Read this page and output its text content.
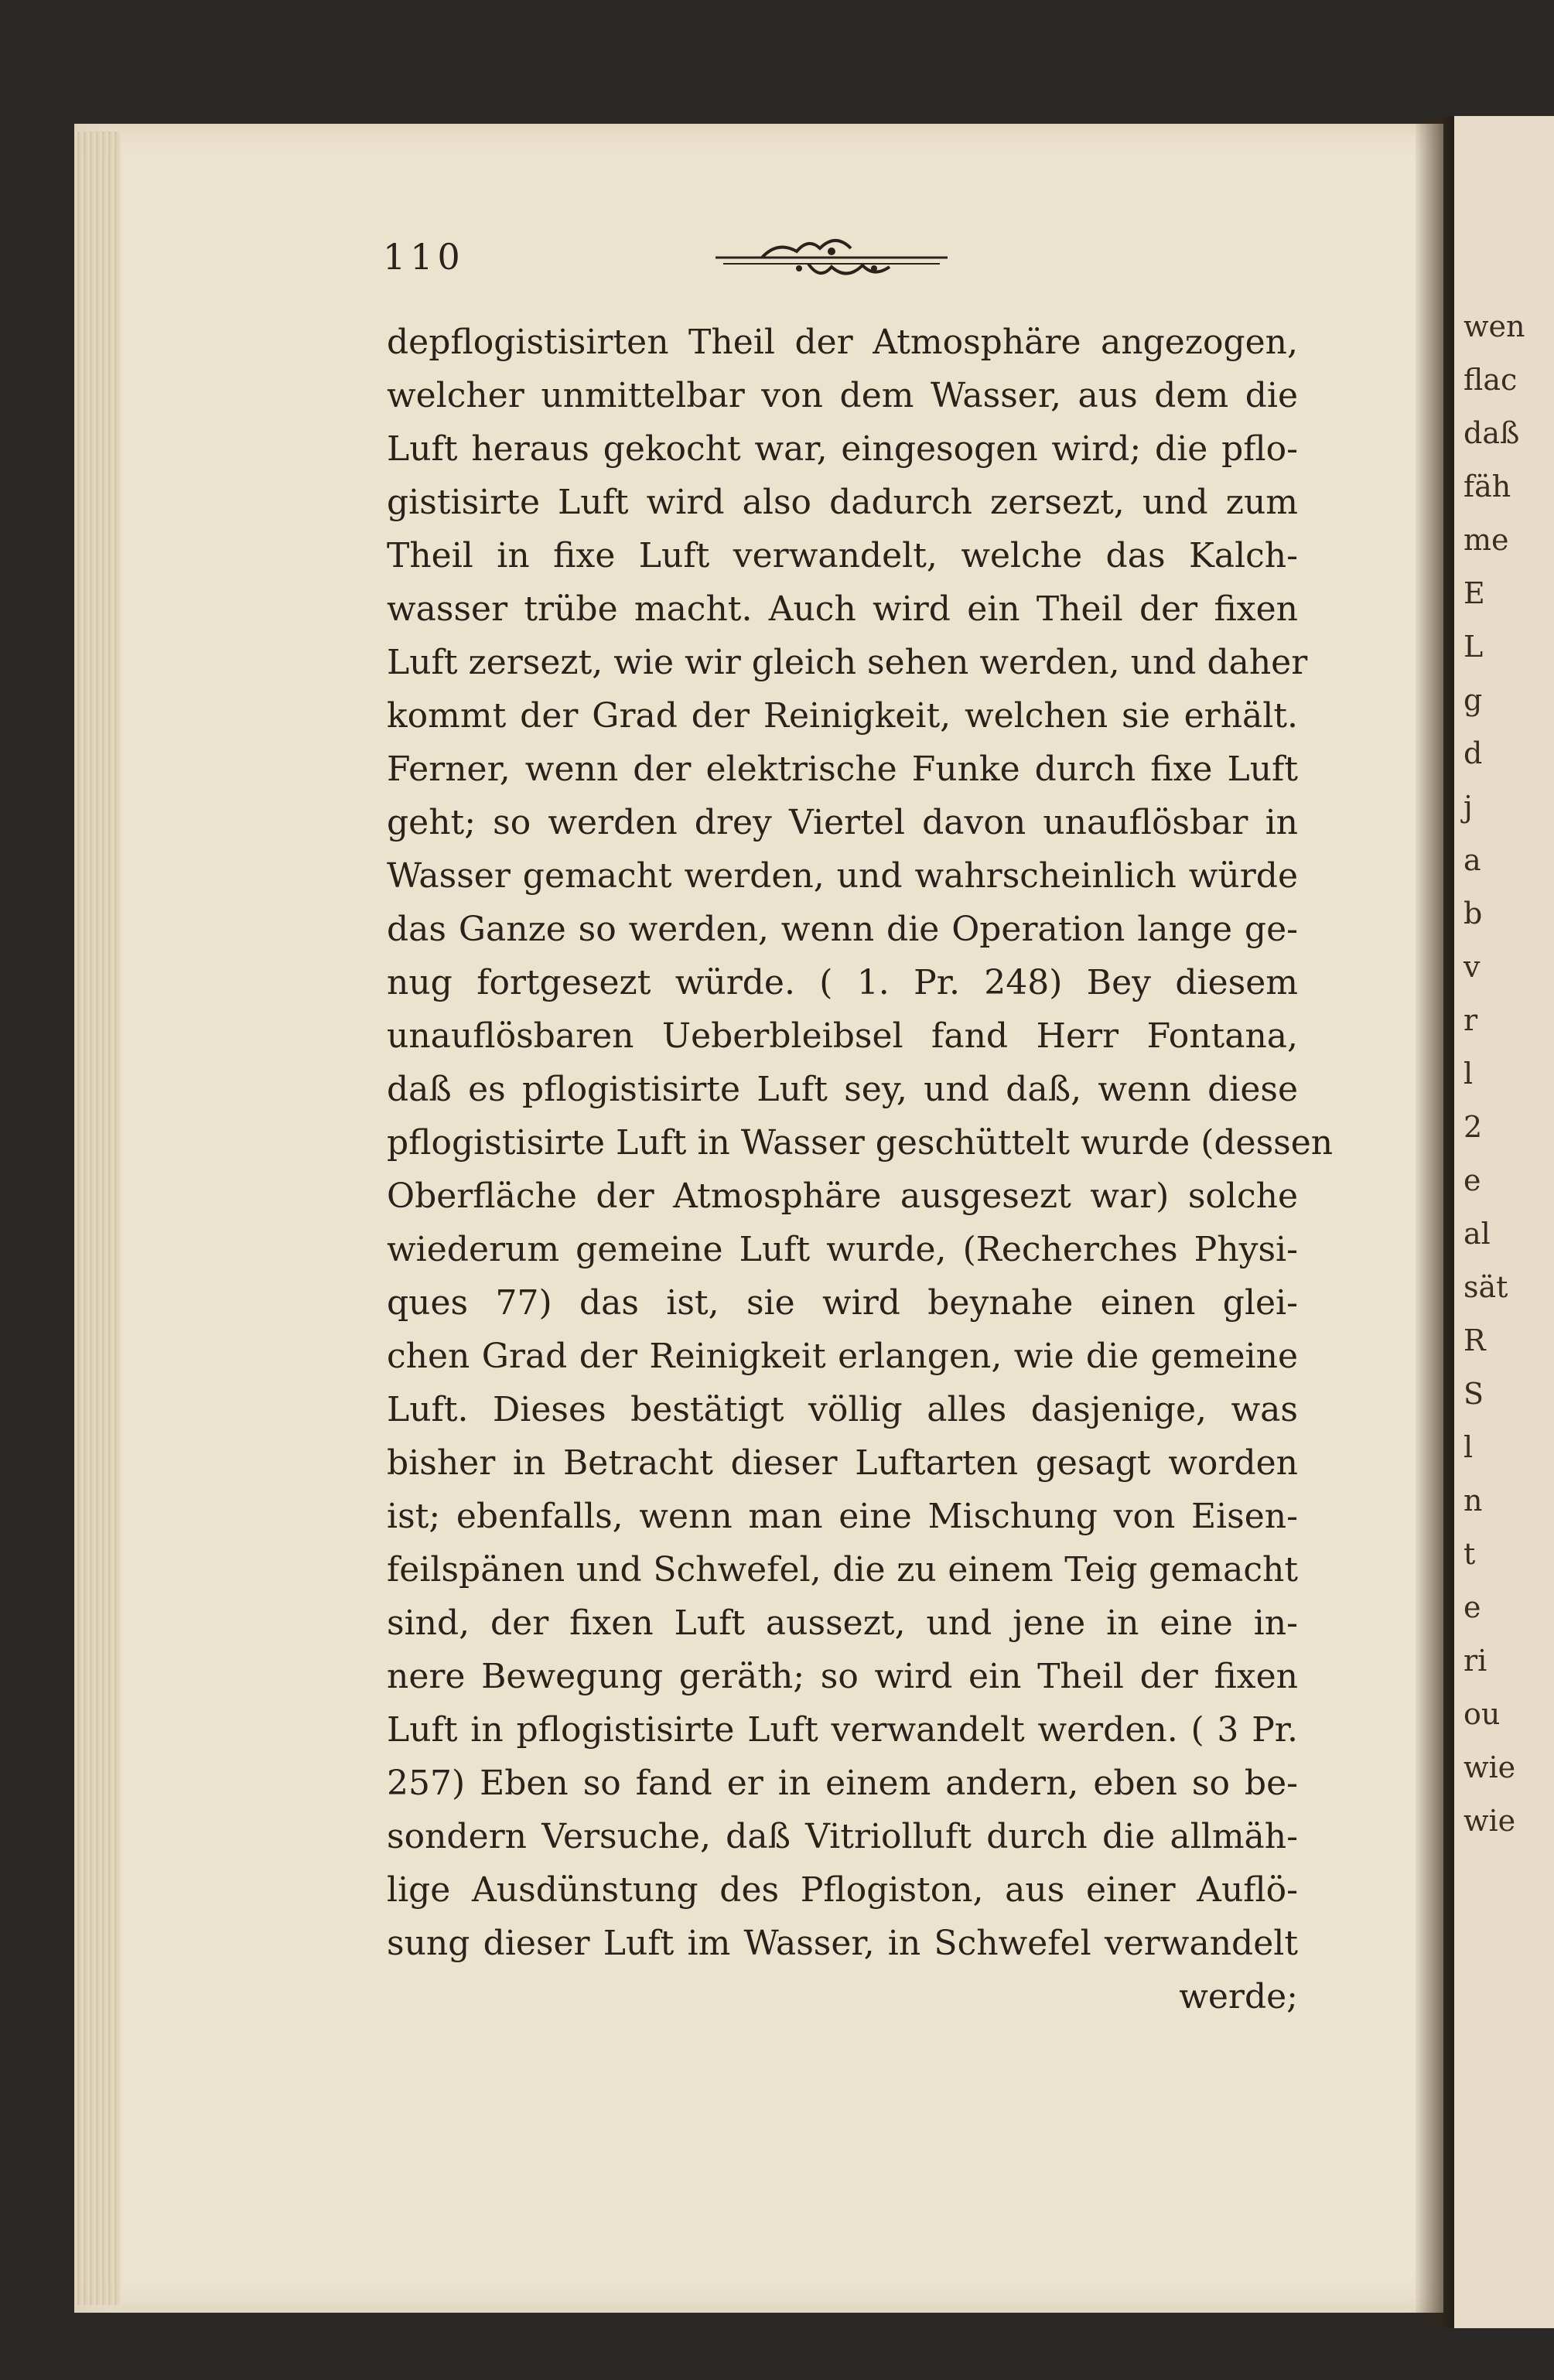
110
depflogistisirten Theil der Atmosphäre angezogen,
welcher unmittelbar von dem Wasser, aus dem die
Luft heraus gekocht war, eingesogen wird; die pflo-
gistisirte Luft wird also dadurch zersezt, und zum
Theil in fixe Luft verwandelt, welche das Kalch-
wasser trübe macht. Auch wird ein Theil der fixen
Luft zersezt, wie wir gleich sehen werden, und daher
kommt der Grad der Reinigkeit, welchen sie erhält.
Ferner, wenn der elektrische Funke durch fixe Luft
geht; so werden drey Viertel davon unauflösbar in
Wasser gemacht werden, und wahrscheinlich würde
das Ganze so werden, wenn die Operation lange ge-
nug fortgesezt würde. ( 1. Pr. 248) Bey diesem
unauflösbaren Ueberbleibsel fand Herr Fontana,
daß es pflogistisirte Luft sey, und daß, wenn diese
pflogistisirte Luft in Wasser geschüttelt wurde (dessen
Oberfläche der Atmosphäre ausgesezt war) solche
wiederum gemeine Luft wurde, (Recherches Physi-
ques 77) das ist, sie wird beynahe einen glei-
chen Grad der Reinigkeit erlangen, wie die gemeine
Luft. Dieses bestätigt völlig alles dasjenige, was
bisher in Betracht dieser Luftarten gesagt worden
ist; ebenfalls, wenn man eine Mischung von Eisen-
feilspänen und Schwefel, die zu einem Teig gemacht
sind, der fixen Luft aussezt, und jene in eine in-
nere Bewegung geräth; so wird ein Theil der fixen
Luft in pflogistisirte Luft verwandelt werden. ( 3 Pr.
257) Eben so fand er in einem andern, eben so be-
sondern Versuche, daß Vitriolluft durch die allmäh-
lige Ausdünstung des Pflogiston, aus einer Auflö-
sung dieser Luft im Wasser, in Schwefel verwandelt
werde;
wen
flac
daß
fäh
me
E
L
g
d
j
a
b
v
r
l
2
e
al
sät
R
S
l
n
t
e
ri
ou
wie
wie
